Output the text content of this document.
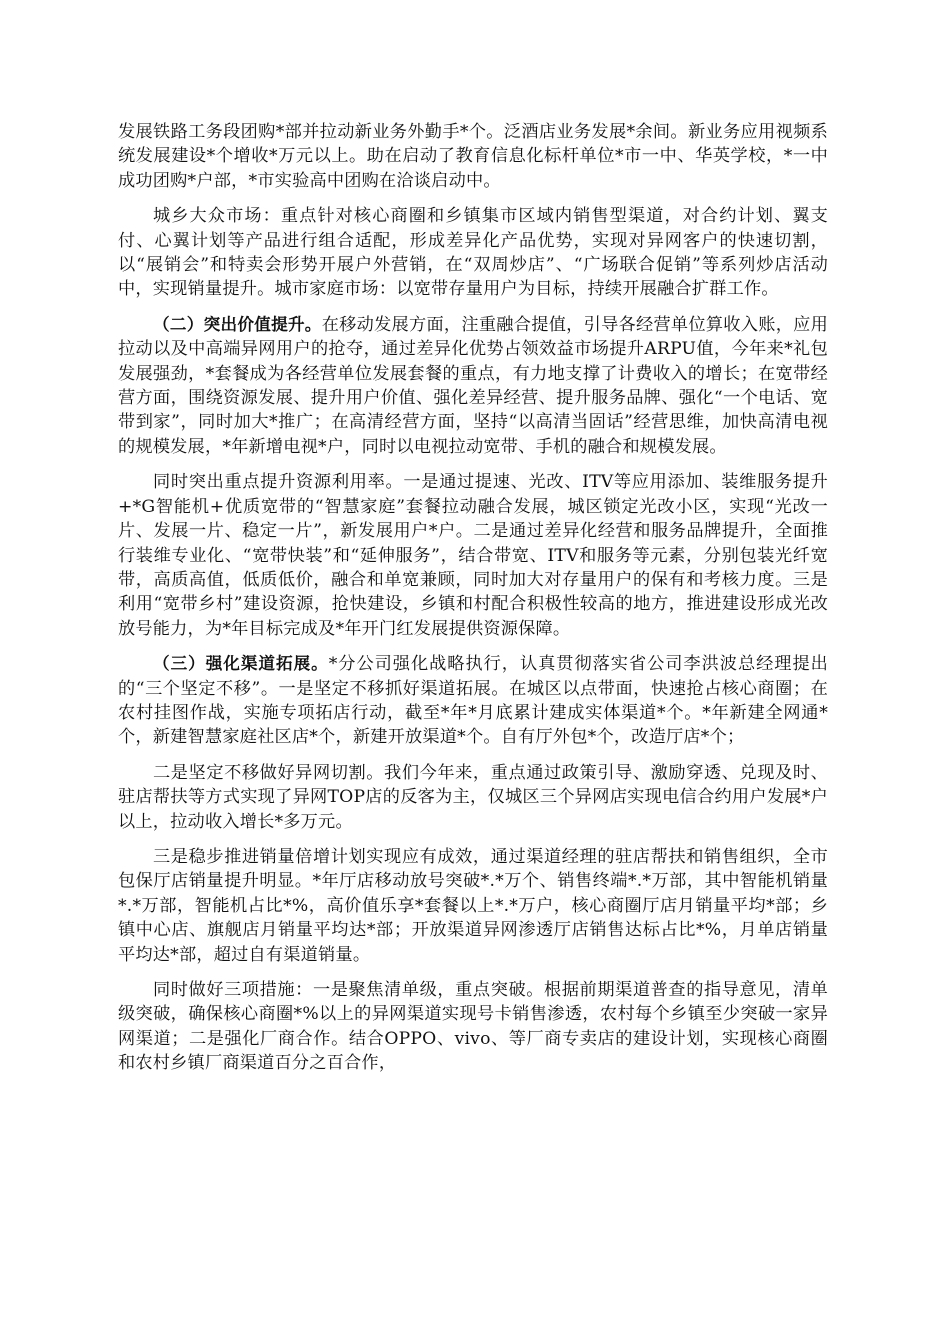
发展铁路工务段团购*部并拉动新业务外勤手*个。泛酒店业务发展*余间。新业务应用视频系统发展建设*个增收*万元以上。助在启动了教育信息化标杆单位*市一中、华英学校，*一中成功团购*户部，*市实验高中团购在洽谈启动中。

城乡大众市场：重点针对核心商圈和乡镇集市区域内销售型渠道，对合约计划、翼支付、心翼计划等产品进行组合适配，形成差异化产品优势，实现对异网客户的快速切割，以“展销会”和特卖会形势开展户外营销，在“双周炒店”、“广场联合促销”等系列炒店活动中，实现销量提升。城市家庭市场：以宽带存量用户为目标，持续开展融合扩群工作。

（二）突出价值提升。在移动发展方面，注重融合提值，引导各经营单位算收入账，应用拉动以及中高端异网用户的抢夺，通过差异化优势占领效益市场提升ARPU值，今年来*礼包发展强劲，*套餐成为各经营单位发展套餐的重点，有力地支撑了计费收入的增长；在宽带经营方面，围绕资源发展、提升用户价值、强化差异经营、提升服务品牌、强化“一个电话、宽带到家”，同时加大*推广；在高清经营方面，坚持“以高清当固话”经营思维，加快高清电视的规模发展，*年新增电视*户，同时以电视拉动宽带、手机的融合和规模发展。

同时突出重点提升资源利用率。一是通过提速、光改、ITV等应用添加、装维服务提升+*G智能机+优质宽带的“智慧家庭”套餐拉动融合发展，城区锁定光改小区，实现“光改一片、发展一片、稳定一片”，新发展用户*户。二是通过差异化经营和服务品牌提升，全面推行装维专业化、“宽带快装”和“延伸服务”，结合带宽、ITV和服务等元素，分别包装光纤宽带，高质高值，低质低价，融合和单宽兼顾，同时加大对存量用户的保有和考核力度。三是利用“宽带乡村”建设资源，抢快建设，乡镇和村配合积极性较高的地方，推进建设形成光改放号能力，为*年目标完成及*年开门红发展提供资源保障。

（三）强化渠道拓展。*分公司强化战略执行，认真贯彻落实省公司李洪波总经理提出的“三个坚定不移”。一是坚定不移抓好渠道拓展。在城区以点带面，快速抢占核心商圈；在农村挂图作战，实施专项拓店行动，截至*年*月底累计建成实体渠道*个。*年新建全网通*个，新建智慧家庭社区店*个，新建开放渠道*个。自有厅外包*个，改造厅店*个；

二是坚定不移做好异网切割。我们今年来，重点通过政策引导、激励穿透、兑现及时、驻店帮扶等方式实现了异网TOP店的反客为主，仅城区三个异网店实现电信合约用户发展*户以上，拉动收入增长*多万元。

三是稳步推进销量倍增计划实现应有成效，通过渠道经理的驻店帮扶和销售组织，全市包保厅店销量提升明显。*年厅店移动放号突破*.*万个、销售终端*.*万部，其中智能机销量*.*万部，智能机占比*%，高价值乐享*套餐以上*.*万户，核心商圈厅店月销量平均*部；乡镇中心店、旗舰店月销量平均达*部；开放渠道异网渗透厅店销售达标占比*%，月单店销量平均达*部，超过自有渠道销量。

同时做好三项措施：一是聚焦清单级，重点突破。根据前期渠道普查的指导意见，清单级突破，确保核心商圈*%以上的异网渠道实现号卡销售渗透，农村每个乡镇至少突破一家异网渠道；二是强化厂商合作。结合OPPO、vivo、等厂商专卖店的建设计划，实现核心商圈和农村乡镇厂商渠道百分之百合作，
